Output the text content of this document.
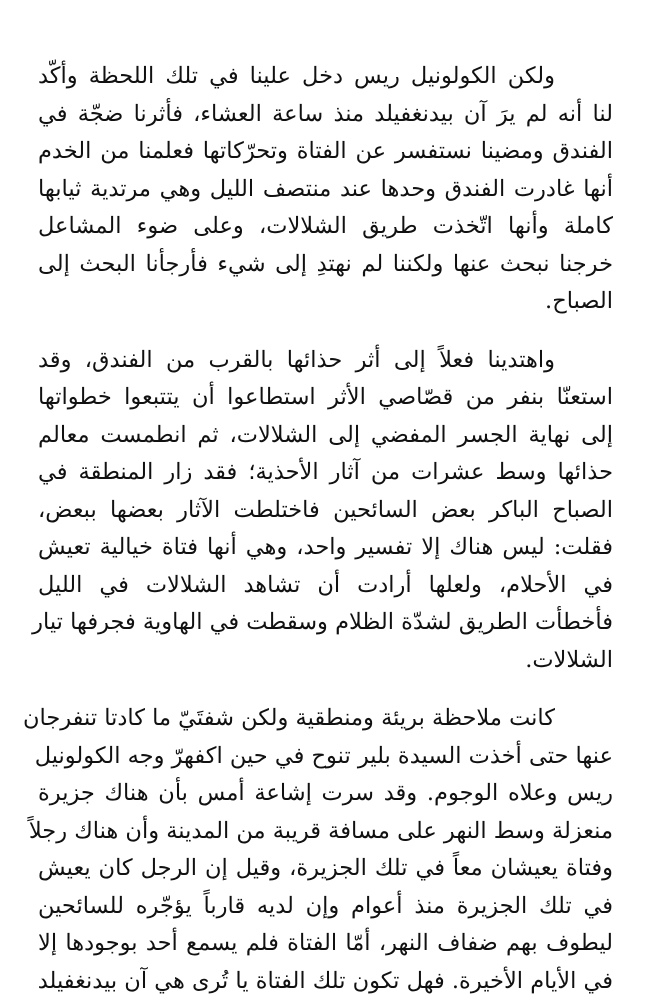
ولكن الكولونيل ريس دخل علينا في تلك اللحظة وأكّد
لنا أنه لم يرَ آن بيدنغفيلد منذ ساعة العشاء، فأثرنا ضجّة في
الفندق ومضينا نستفسر عن الفتاة وتحرّكاتها فعلمنا من الخدم
أنها غادرت الفندق وحدها عند منتصف الليل وهي مرتدية ثيابها
كاملة وأنها اتّخذت طريق الشلالات، وعلى ضوء المشاعل
خرجنا نبحث عنها ولكننا لم نهتدِ إلى شيء فأرجأنا البحث إلى
الصباح.
واهتدينا فعلاً إلى أثر حذائها بالقرب من الفندق، وقد
استعنّا بنفر من قصّاصي الأثر استطاعوا أن يتتبعوا خطواتها
إلى نهاية الجسر المفضي إلى الشلالات، ثم انطمست معالم
حذائها وسط عشرات من آثار الأحذية؛ فقد زار المنطقة في
الصباح الباكر بعض السائحين فاختلطت الآثار بعضها ببعض،
فقلت: ليس هناك إلا تفسير واحد، وهي أنها فتاة خيالية تعيش
في الأحلام، ولعلها أرادت أن تشاهد الشلالات في الليل
فأخطأت الطريق لشدّة الظلام وسقطت في الهاوية فجرفها تيار
الشلالات.
كانت ملاحظة بريئة ومنطقية ولكن شفتَيّ ما كادتا تنفرجان
عنها حتى أخذت السيدة بلير تنوح في حين اكفهرّ وجه الكولونيل
ريس وعلاه الوجوم. وقد سرت إشاعة أمس بأن هناك جزيرة
منعزلة وسط النهر على مسافة قريبة من المدينة وأن هناك رجلاً
وفتاة يعيشان معاً في تلك الجزيرة، وقيل إن الرجل كان يعيش
في تلك الجزيرة منذ أعوام وإن لديه قارباً يؤجّره للسائحين
ليطوف بهم ضفاف النهر، أمّا الفتاة فلم يسمع أحد بوجودها إلا
في الأيام الأخيرة. فهل تكون تلك الفتاة يا تُرى هي آن بيدنغفيلد
